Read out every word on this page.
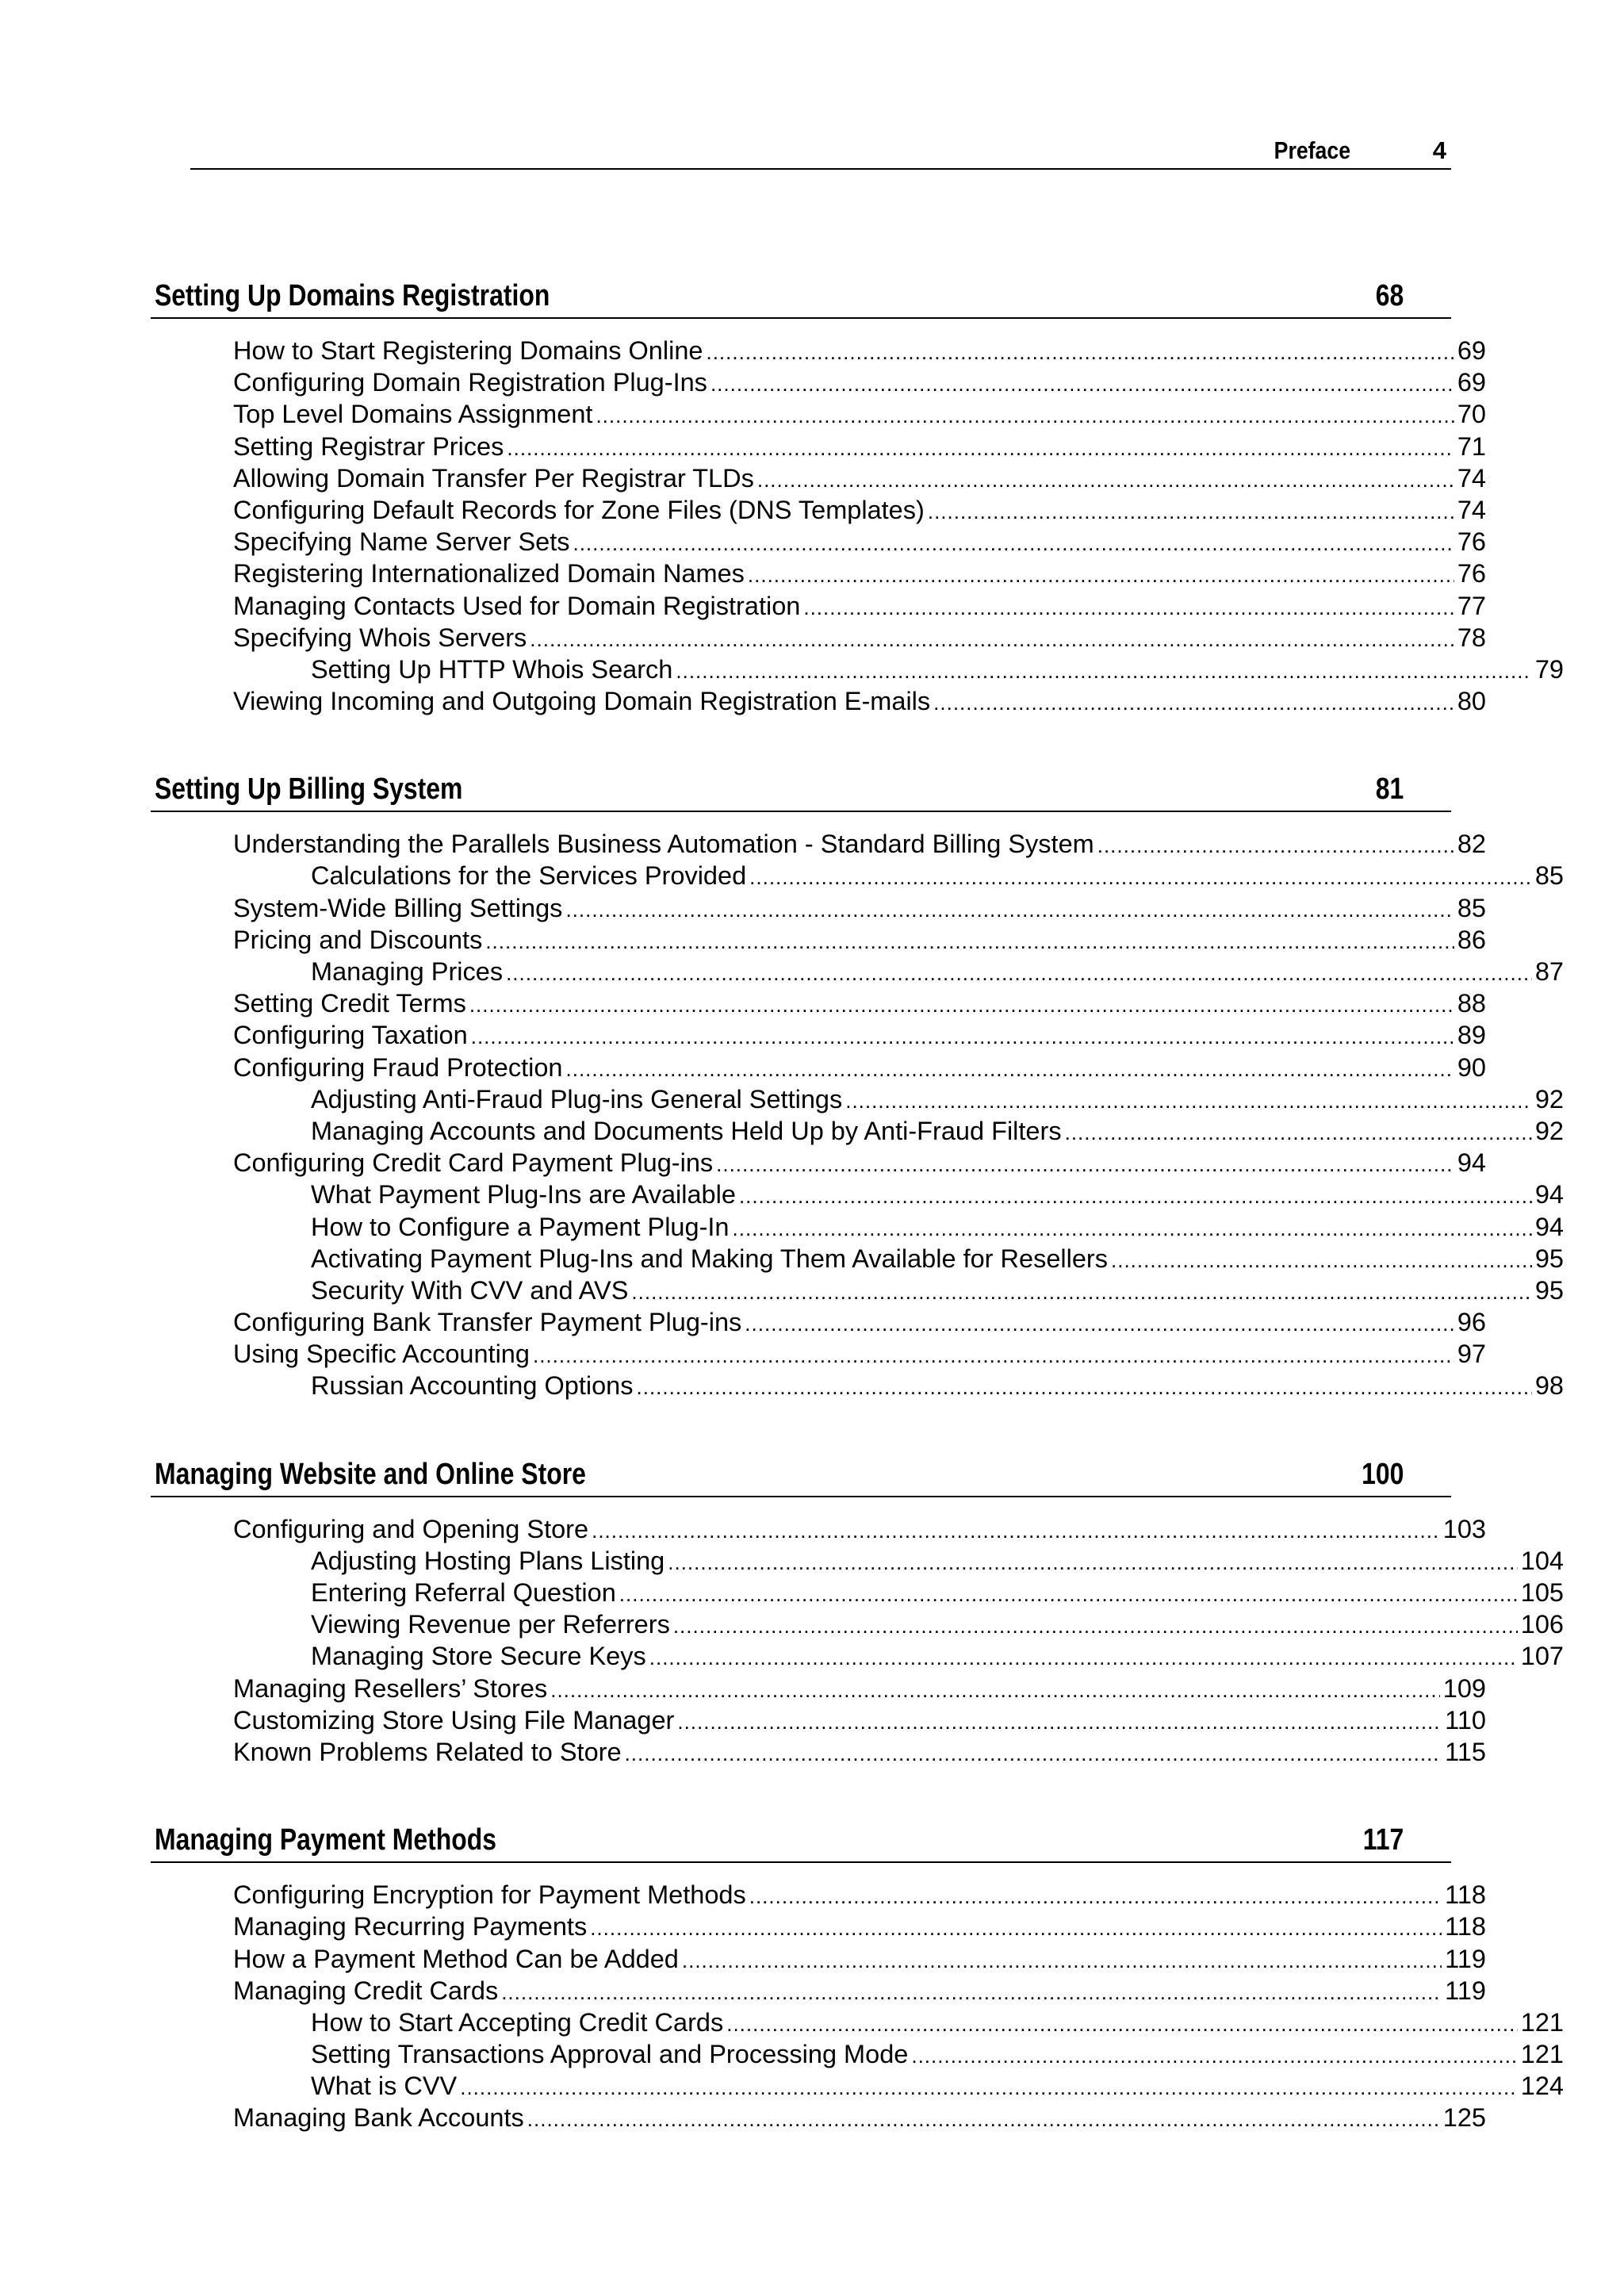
Preface	4
Setting Up Domains Registration	68
How to Start Registering Domains Online .....	69
Configuring Domain Registration Plug-Ins .....	69
Top Level Domains Assignment .....	70
Setting Registrar Prices .....	71
Allowing Domain Transfer Per Registrar TLDs .....	74
Configuring Default Records for Zone Files (DNS Templates) .....	74
Specifying Name Server Sets .....	76
Registering Internationalized Domain Names .....	76
Managing Contacts Used for Domain Registration .....	77
Specifying Whois Servers .....	78
Setting Up HTTP Whois Search .....	79
Viewing Incoming and Outgoing Domain Registration E-mails .....	80
Setting Up Billing System	81
Understanding the Parallels Business Automation - Standard Billing System .....	82
Calculations for the Services Provided .....	85
System-Wide Billing Settings .....	85
Pricing and Discounts .....	86
Managing Prices .....	87
Setting Credit Terms .....	88
Configuring Taxation .....	89
Configuring Fraud Protection .....	90
Adjusting Anti-Fraud Plug-ins General Settings .....	92
Managing Accounts and Documents Held Up by Anti-Fraud Filters .....	92
Configuring Credit Card Payment Plug-ins .....	94
What Payment Plug-Ins are Available .....	94
How to Configure a Payment Plug-In .....	94
Activating Payment Plug-Ins and Making Them Available for Resellers .....	95
Security With CVV and AVS .....	95
Configuring Bank Transfer Payment Plug-ins .....	96
Using Specific Accounting .....	97
Russian Accounting Options .....	98
Managing Website and Online Store	100
Configuring and Opening Store .....	103
Adjusting Hosting Plans Listing .....	104
Entering Referral Question .....	105
Viewing Revenue per Referrers .....	106
Managing Store Secure Keys .....	107
Managing Resellers’ Stores .....	109
Customizing Store Using File Manager .....	110
Known Problems Related to Store .....	115
Managing Payment Methods	117
Configuring Encryption for Payment Methods .....	118
Managing Recurring Payments .....	118
How a Payment Method Can be Added .....	119
Managing Credit Cards .....	119
How to Start Accepting Credit Cards .....	121
Setting Transactions Approval and Processing Mode .....	121
What is CVV .....	124
Managing Bank Accounts .....	125
